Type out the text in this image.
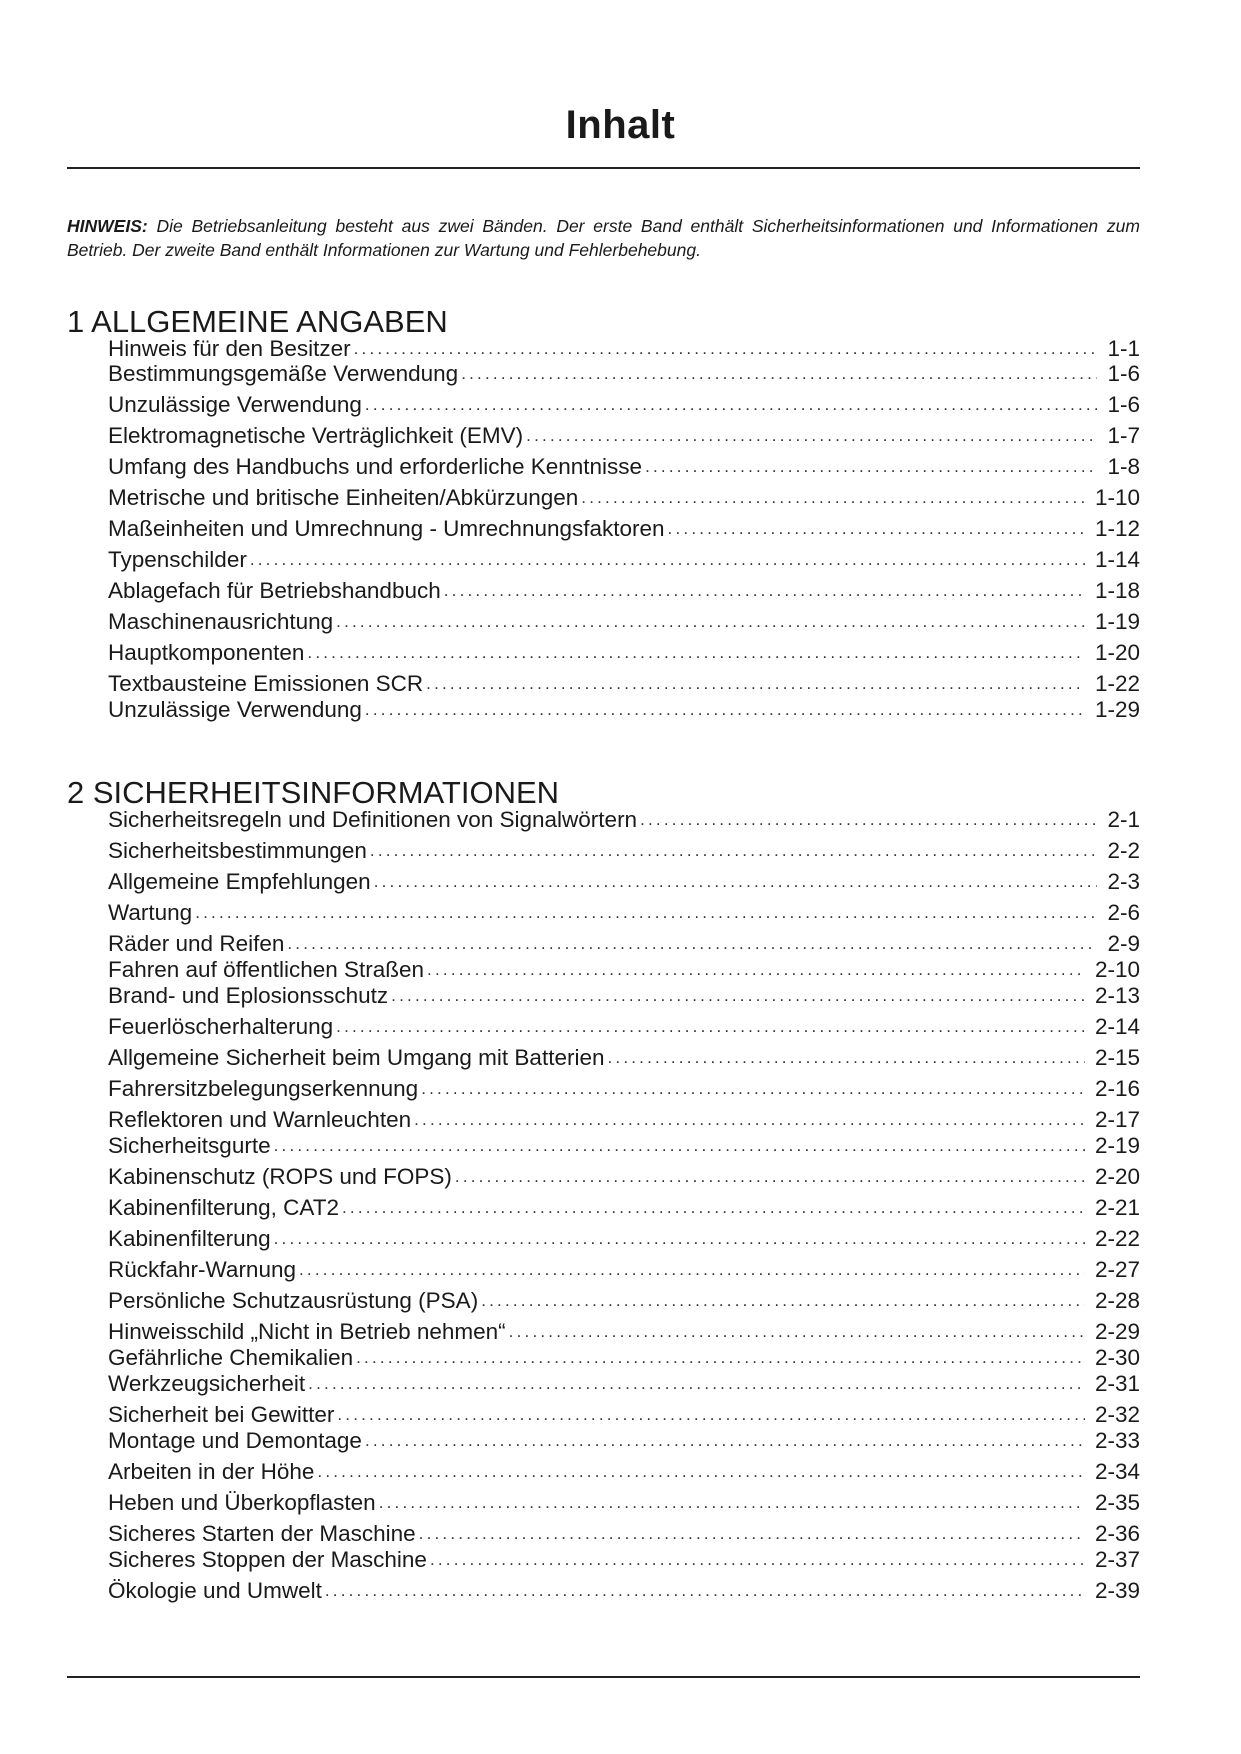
Inhalt
HINWEIS: Die Betriebsanleitung besteht aus zwei Bänden. Der erste Band enthält Sicherheitsinformationen und Informationen zum Betrieb. Der zweite Band enthält Informationen zur Wartung und Fehlerbehebung.
1 ALLGEMEINE ANGABEN
Hinweis für den Besitzer .....	1-1
Bestimmungsgemäße Verwendung .....	1-6
Unzulässige Verwendung .....	1-6
Elektromagnetische Verträglichkeit (EMV) .....	1-7
Umfang des Handbuchs und erforderliche Kenntnisse .....	1-8
Metrische und britische Einheiten/Abkürzungen .....	1-10
Maßeinheiten und Umrechnung - Umrechnungsfaktoren .....	1-12
Typenschilder .....	1-14
Ablagefach für Betriebshandbuch .....	1-18
Maschinenausrichtung .....	1-19
Hauptkomponenten .....	1-20
Textbausteine Emissionen SCR .....	1-22
Unzulässige Verwendung .....	1-29
2 SICHERHEITSINFORMATIONEN
Sicherheitsregeln und Definitionen von Signalwörtern .....	2-1
Sicherheitsbestimmungen .....	2-2
Allgemeine Empfehlungen .....	2-3
Wartung .....	2-6
Räder und Reifen .....	2-9
Fahren auf öffentlichen Straßen .....	2-10
Brand- und Eplosionsschutz .....	2-13
Feuerlöscherhalterung .....	2-14
Allgemeine Sicherheit beim Umgang mit Batterien .....	2-15
Fahrersitzbelegungserkennung .....	2-16
Reflektoren und Warnleuchten .....	2-17
Sicherheitsgurte .....	2-19
Kabinenschutz (ROPS und FOPS) .....	2-20
Kabinenfilterung, CAT2 .....	2-21
Kabinenfilterung .....	2-22
Rückfahr-Warnung .....	2-27
Persönliche Schutzausrüstung (PSA) .....	2-28
Hinweisschild „Nicht in Betrieb nehmen“ .....	2-29
Gefährliche Chemikalien .....	2-30
Werkzeugsicherheit .....	2-31
Sicherheit bei Gewitter .....	2-32
Montage und Demontage .....	2-33
Arbeiten in der Höhe .....	2-34
Heben und Überkopflasten .....	2-35
Sicheres Starten der Maschine .....	2-36
Sicheres Stoppen der Maschine .....	2-37
Ökologie und Umwelt .....	2-39
